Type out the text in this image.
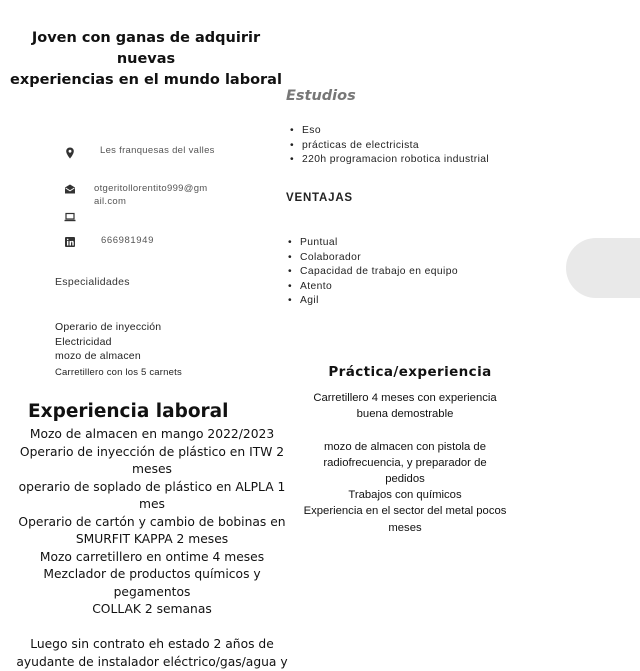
Joven con ganas de adquirir nuevas
experiencias en el mundo laboral
Les franquesas del valles
otgeritollorentito999@gm
ail.com
666981949
Especialidades
Operario de inyección
Electricidad
mozo de almacen
Carretillero con los 5 carnets
Experiencia laboral
Mozo de almacen en mango 2022/2023
Operario de inyección de plástico en ITW 2
meses
operario de soplado de plástico en ALPLA 1 mes
Operario de cartón y cambio de bobinas en
SMURFIT KAPPA 2 meses
Mozo carretillero en ontime 4 meses
Mezclador de productos químicos y pegamentos
COLLAK 2 semanas
Luego sin contrato eh estado 2 años de
ayudante de instalador eléctrico/gas/agua y
Estudios
• Eso
• prácticas de electricista
• 220h programacion robotica industrial
VENTAJAS
• Puntual
• Colaborador
• Capacidad de trabajo en equipo
• Atento
• Agil
Práctica/experiencia
Carretillero 4 meses con experiencia
buena demostrable
mozo de almacen con pistola de
radiofrecuencia, y preparador de
pedidos
Trabajos con químicos
Experiencia en el sector del metal pocos
meses
